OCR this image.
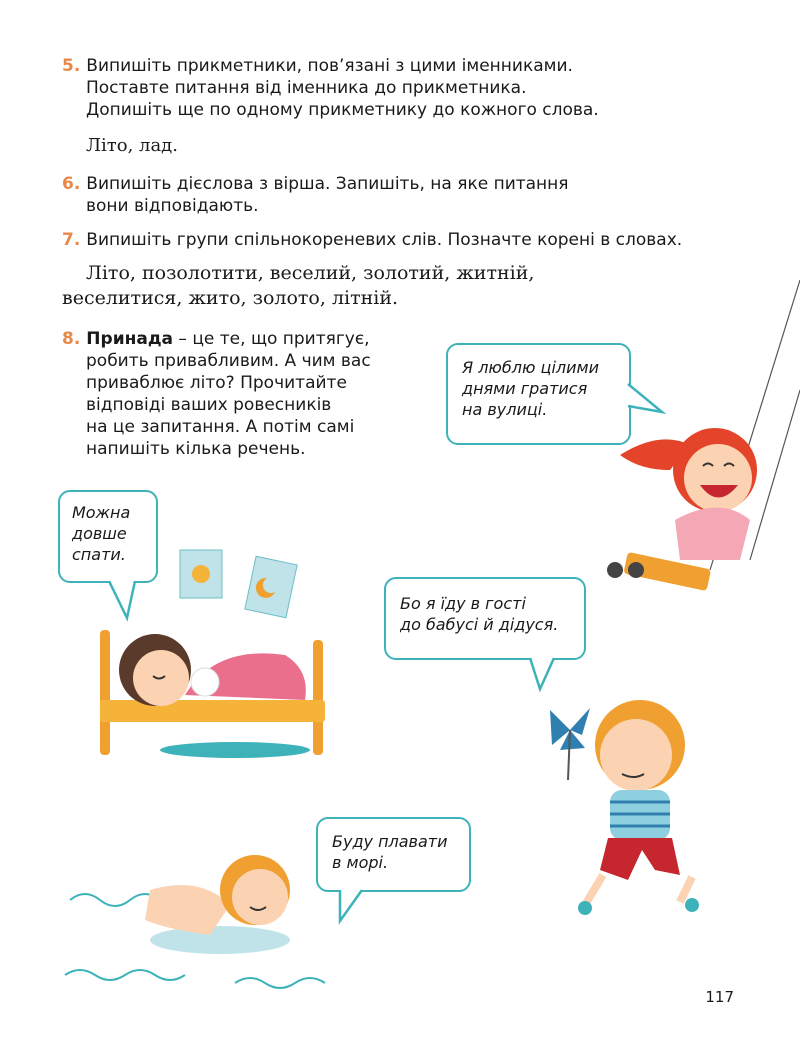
5. Випишіть прикметники, пов’язані з цими іменниками.
Поставте питання від іменника до прикметника.
Допишіть ще по одному прикметнику до кожного слова.
Літо, лад.
6. Випишіть дієслова з вірша. Запишіть, на яке питання
вони відповідають.
7. Випишіть групи спільнокореневих слів. Позначте корені в словах.
Літо, позолотити, веселий, золотий, житній,
веселитися, жито, золото, літній.
8. Принада – це те, що притягує,
робить привабливим. А чим вас
приваблює літо? Прочитайте
відповіді ваших ровесників
на це запитання. А потім самі
напишіть кілька речень.
Я люблю цілими
днями гратися
на вулиці.
Можна
довше
спати.
Бо я їду в гості
до бабусі й дідуся.
Буду плавати
в морі.
117
